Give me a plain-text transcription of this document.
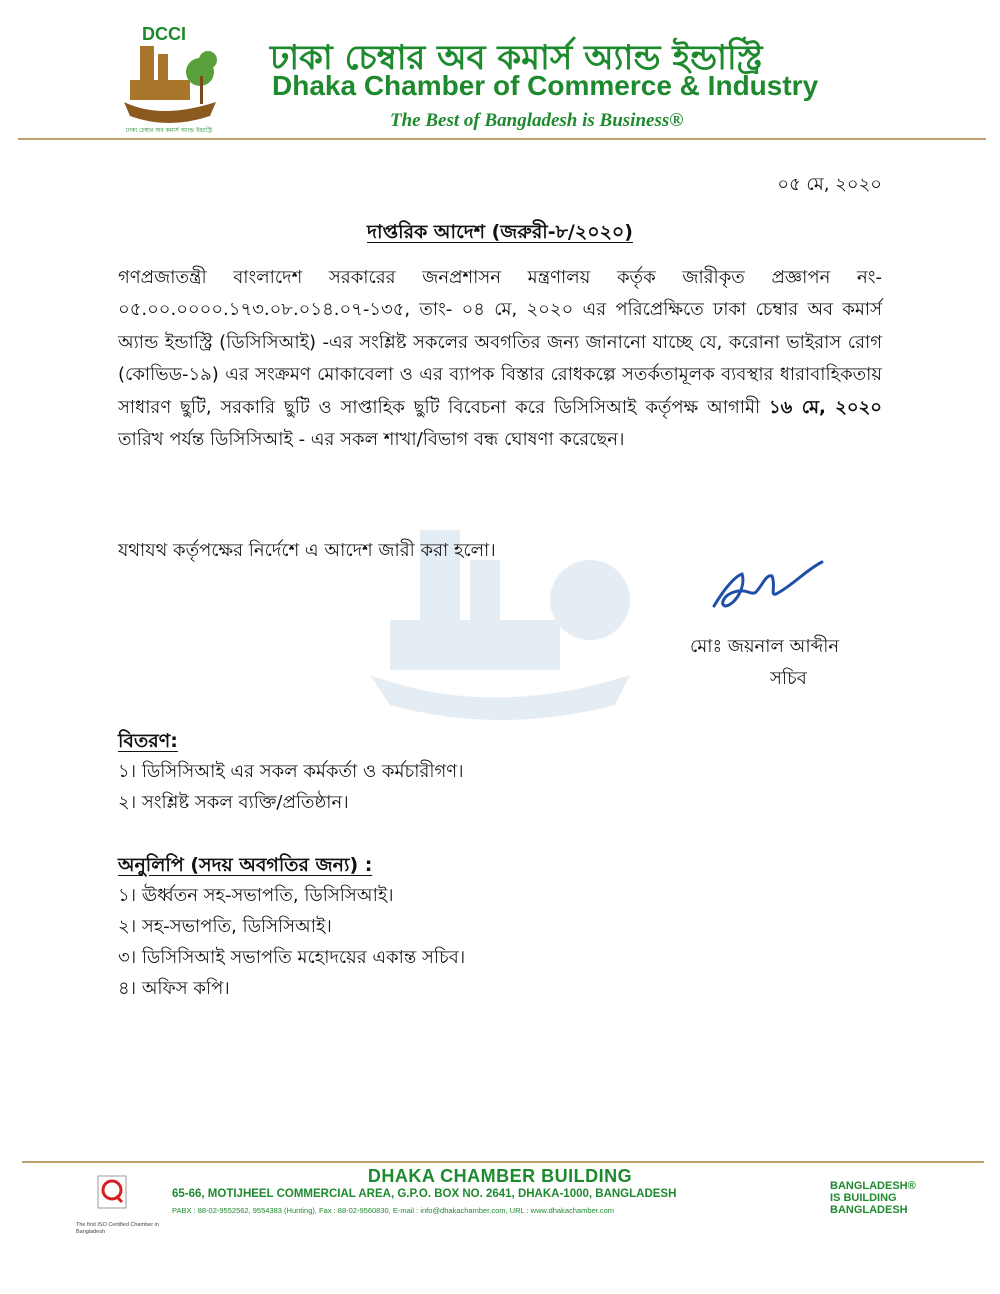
DCCI
ঢাকা চেম্বার অব কমার্স অ্যান্ড ইন্ডাস্ট্রি
ঢাকা চেম্বার অব কমার্স অ্যান্ড ইন্ডাস্ট্রি
Dhaka Chamber of Commerce & Industry
The Best of Bangladesh is Business®
০৫ মে, ২০২০
দাপ্তরিক আদেশ (জরুরী-৮/২০২০)
গণপ্রজাতন্ত্রী বাংলাদেশ সরকারের জনপ্রশাসন মন্ত্রণালয় কর্তৃক জারীকৃত প্রজ্ঞাপন নং- ০৫.০০.০০০০.১৭৩.০৮.০১৪.০৭-১৩৫, তাং- ০৪ মে, ২০২০ এর পরিপ্রেক্ষিতে ঢাকা চেম্বার অব কমার্স অ্যান্ড ইন্ডাস্ট্রি (ডিসিসিআই) -এর সংশ্লিষ্ট সকলের অবগতির জন্য জানানো যাচ্ছে যে, করোনা ভাইরাস রোগ (কোভিড-১৯) এর সংক্রমণ মোকাবেলা ও এর ব্যাপক বিস্তার রোধকল্পে সতর্কতামূলক ব্যবস্থার ধারাবাহিকতায় সাধারণ ছুটি, সরকারি ছুটি ও সাপ্তাহিক ছুটি বিবেচনা করে ডিসিসিআই কর্তৃপক্ষ আগামী ১৬ মে, ২০২০ তারিখ পর্যন্ত ডিসিসিআই - এর সকল শাখা/বিভাগ বন্ধ ঘোষণা করেছেন।
যথাযথ কর্তৃপক্ষের নির্দেশে এ আদেশ জারী করা হলো।
মোঃ জয়নাল আব্দীন
সচিব
বিতরণ:
১। ডিসিসিআই এর সকল কর্মকর্তা ও কর্মচারীগণ।
২। সংশ্লিষ্ট সকল ব্যক্তি/প্রতিষ্ঠান।
অনুলিপি (সদয় অবগতির জন্য) :
১। ঊর্ধ্বতন সহ-সভাপতি, ডিসিসিআই।
২। সহ-সভাপতি, ডিসিসিআই।
৩। ডিসিসিআই সভাপতি মহোদয়ের একান্ত সচিব।
৪। অফিস কপি।
The first ISO Certified Chamber in Bangladesh
DHAKA CHAMBER BUILDING
65-66, MOTIJHEEL COMMERCIAL AREA, G.P.O. BOX NO. 2641, DHAKA-1000, BANGLADESH
PABX : 88-02-9552562, 9554383 (Hunting), Fax : 88-02-9560830, E-mail : info@dhakachamber.com, URL : www.dhakachamber.com
BANGLADESH®
IS BUILDING
BANGLADESH
